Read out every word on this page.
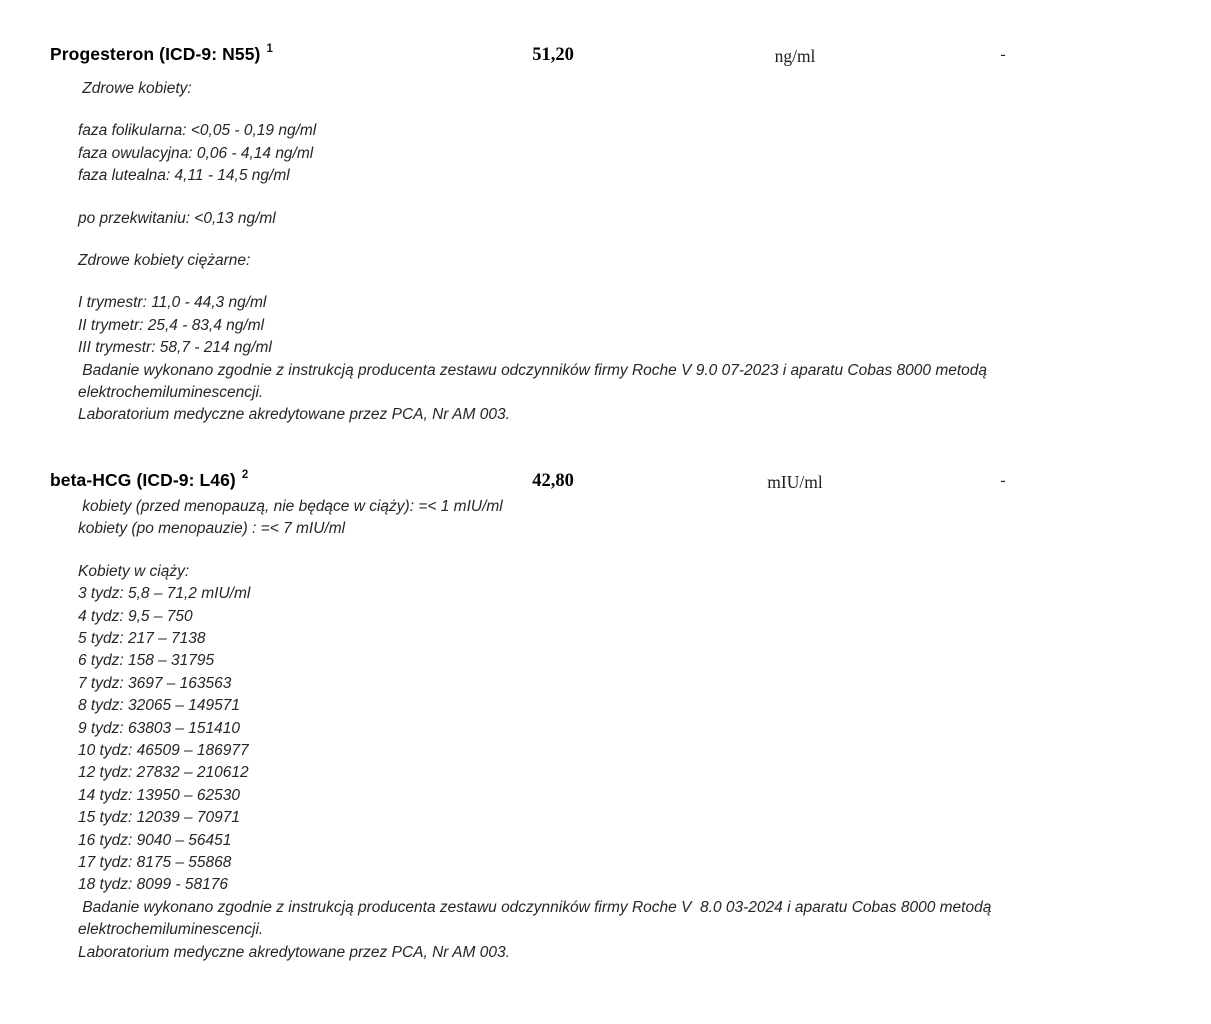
Progesteron (ICD-9: N55) $^1$	51,20	ng/ml	-
Zdrowe kobiety:

faza folikularna: <0,05 - 0,19 ng/ml
faza owulacyjna: 0,06 - 4,14 ng/ml
faza lutealna: 4,11 - 14,5 ng/ml

po przekwitaniu: <0,13 ng/ml

Zdrowe kobiety ciężarne:

I trymestr: 11,0 - 44,3 ng/ml
II trymetr: 25,4 - 83,4 ng/ml
III trymestr: 58,7 - 214 ng/ml
Badanie wykonano zgodnie z instrukcją producenta zestawu odczynników firmy Roche V 9.0 07-2023 i aparatu Cobas 8000 metodą
elektrochemiluminescencji.
Laboratorium medyczne akredytowane przez PCA, Nr AM 003.
beta-HCG (ICD-9: L46) $^2$	42,80	mIU/ml	-
kobiety (przed menopauzą, nie będące w ciąży): =< 1 mIU/ml
kobiety (po menopauzie) : =< 7 mIU/ml

Kobiety w ciąży:
3 tydz: 5,8 – 71,2 mIU/ml
4 tydz: 9,5 – 750
5 tydz: 217 – 7138
6 tydz: 158 – 31795
7 tydz: 3697 – 163563
8 tydz: 32065 – 149571
9 tydz: 63803 – 151410
10 tydz: 46509 – 186977
12 tydz: 27832 – 210612
14 tydz: 13950 – 62530
15 tydz: 12039 – 70971
16 tydz: 9040 – 56451
17 tydz: 8175 – 55868
18 tydz: 8099 - 58176
Badanie wykonano zgodnie z instrukcją producenta zestawu odczynników firmy Roche V  8.0 03-2024 i aparatu Cobas 8000 metodą
elektrochemiluminescencji.
Laboratorium medyczne akredytowane przez PCA, Nr AM 003.
